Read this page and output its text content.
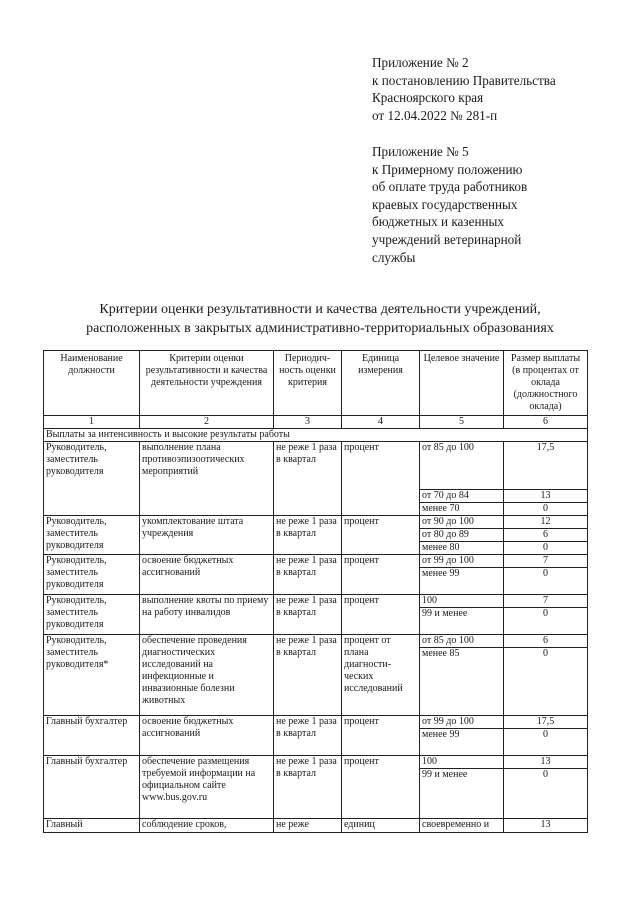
Приложение № 2
к постановлению Правительства
Красноярского края
от 12.04.2022 № 281-п
Приложение № 5
к Примерному положению
об оплате труда работников
краевых государственных
бюджетных и казенных
учреждений ветеринарной
службы
Критерии оценки результативности и качества деятельности учреждений,
расположенных в закрытых административно-территориальных образованиях
Наименование должности	Критерии оценки результативности и качества деятельности учреждения	Периодич-ность оценки критерия	Единица измерения	Целевое значение	Размер выплаты (в процентах от оклада (должностного оклада)
1	2	3	4	5	6
Выплаты за интенсивность и высокие результаты работы					
Руководитель, заместитель руководителя	выполнение плана противоэпизоотических мероприятий	не реже 1 раза в квартал	процент	от 85 до 100	17,5
				от 70 до 84	13
				менее 70	0
Руководитель, заместитель руководителя	укомплектование штата учреждения	не реже 1 раза в квартал	процент	от 90 до 100	12
				от 80 до 89	6
				менее 80	0
Руководитель, заместитель руководителя	освоение бюджетных ассигнований	не реже 1 раза в квартал	процент	от 99 до 100	7
				менее 99	0
Руководитель, заместитель руководителя	выполнение квоты по приему на работу инвалидов	не реже 1 раза в квартал	процент	100	7
				99 и менее	0
Руководитель, заместитель руководителя*	обеспечение проведения диагностических исследований на инфекционные и инвазионные болезни животных	не реже 1 раза в квартал	процент от плана диагности-ческих исследований	от 85 до 100	6
				менее 85	0
Главный бухгалтер	освоение бюджетных ассигнований	не реже 1 раза в квартал	процент	от 99 до 100	17,5
				менее 99	0
Главный бухгалтер	обеспечение размещения требуемой информации на официальном сайте www.bus.gov.ru	не реже 1 раза в квартал	процент	100	13
				99 и менее	0
Главный	соблюдение сроков,	не реже	единиц	своевременно и	13
